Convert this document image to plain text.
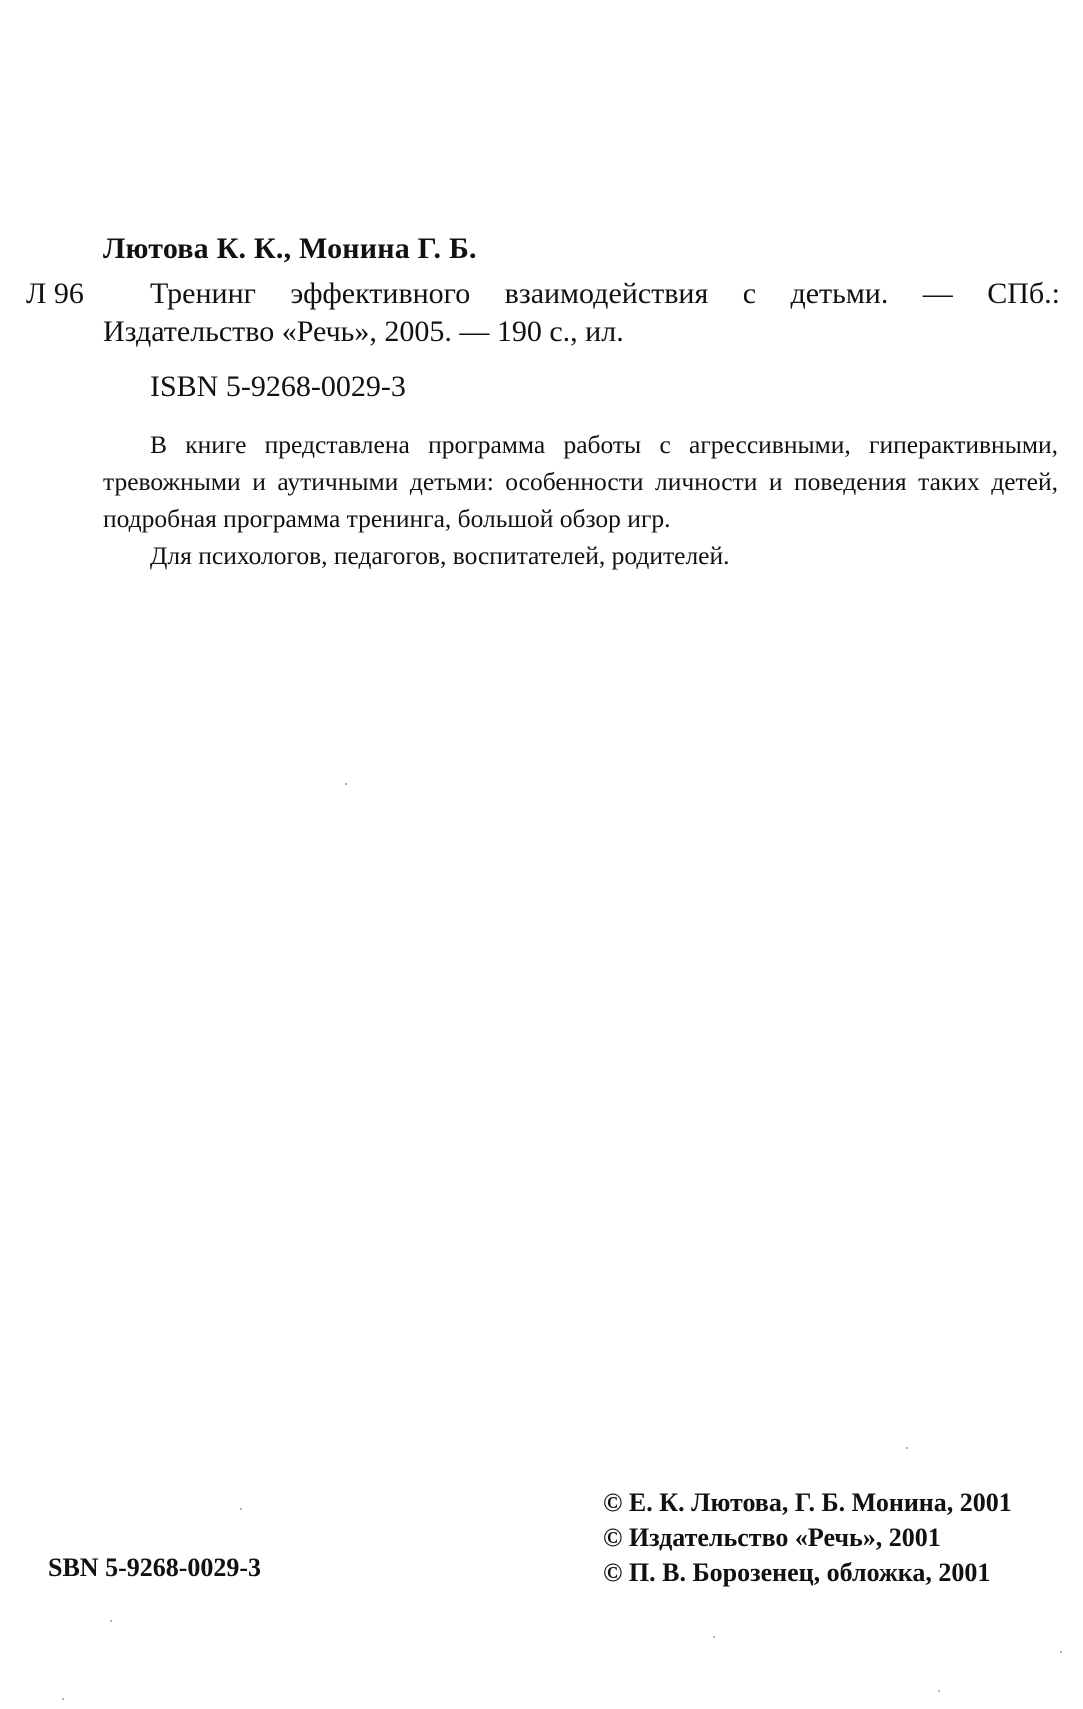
Лютова К. К., Монина Г. Б.
Л 96 Тренинг эффективного взаимодействия с детьми. — СПб.:
Издательство «Речь», 2005. — 190 с., ил.
ISBN 5-9268-0029-3

В книге представлена программа работы с агрессивными, гиперактивными, тревожными и аутичными детьми: особенности личности и поведения таких детей, подробная программа тренинга, большой обзор игр.

Для психологов, педагогов, воспитателей, родителей.

© Е. К. Лютова, Г. Б. Монина, 2001
© Издательство «Речь», 2001
© П. В. Борозенец, обложка, 2001
SBN 5-9268-0029-3
